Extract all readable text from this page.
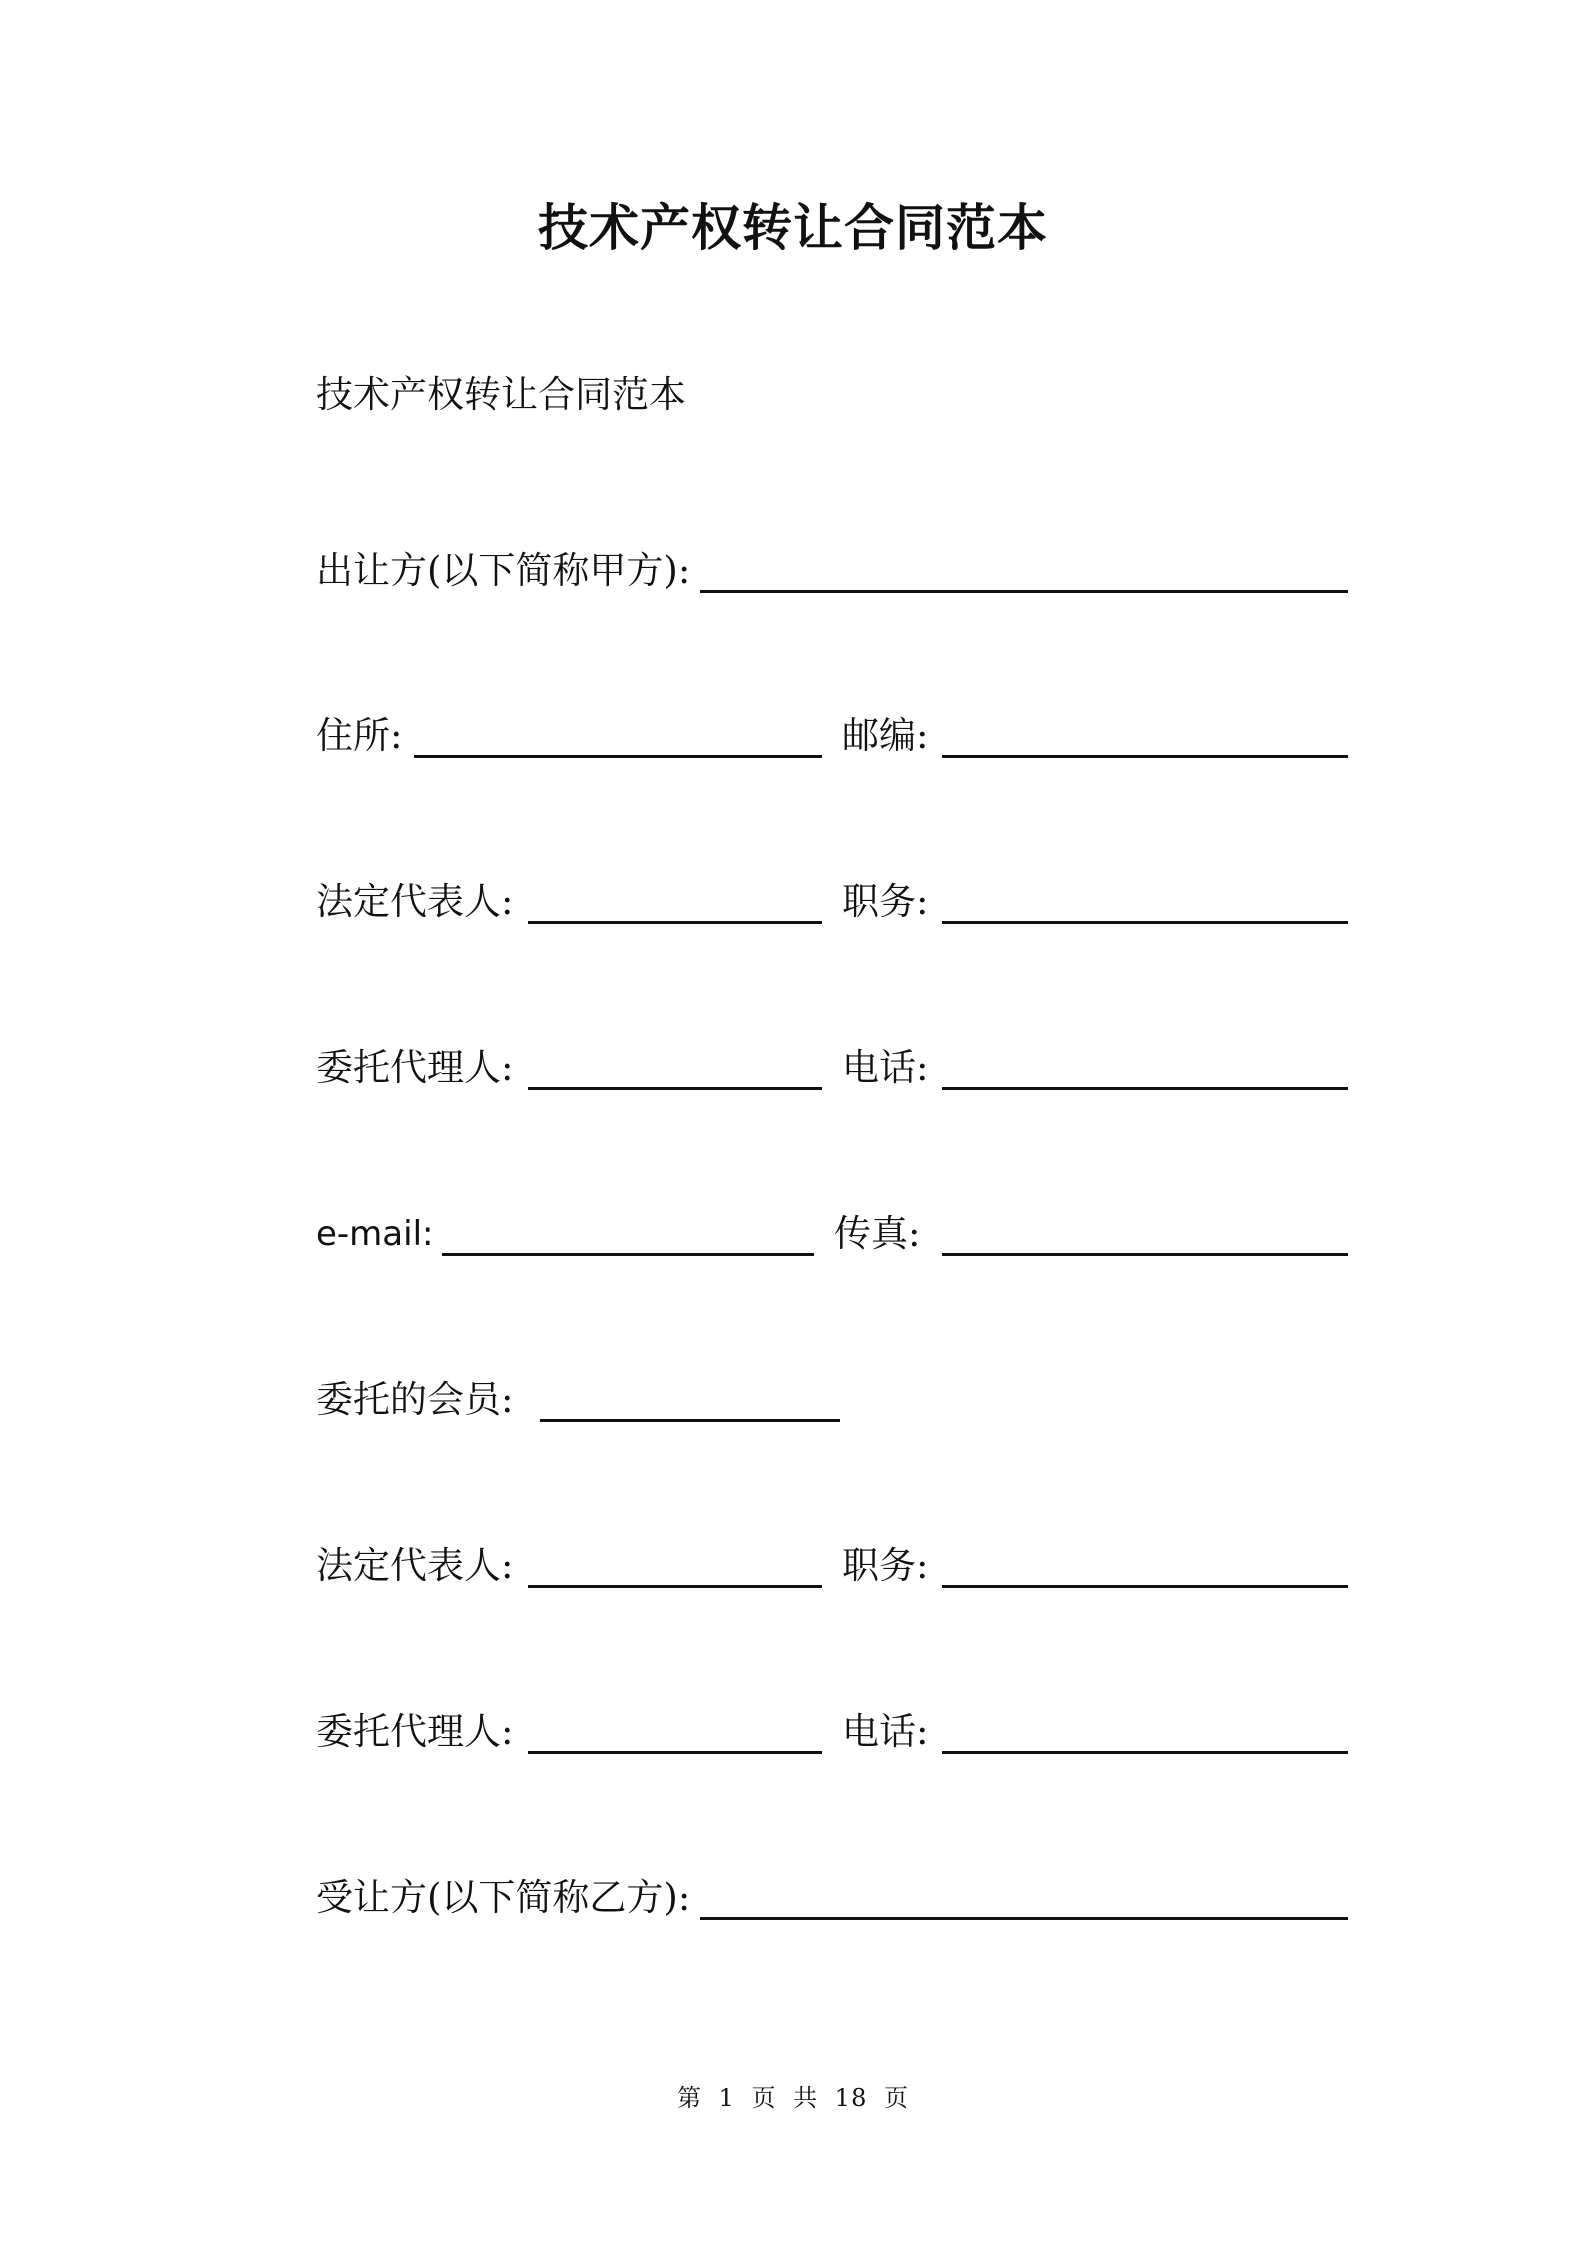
技术产权转让合同范本
技术产权转让合同范本
出让方(以下简称甲方):
住所:	邮编:
法定代表人:	职务:
委托代理人:	电话:
e-mail:	传真:
委托的会员:
法定代表人:	职务:
委托代理人:	电话:
受让方(以下简称乙方):
第 1 页 共 18 页
